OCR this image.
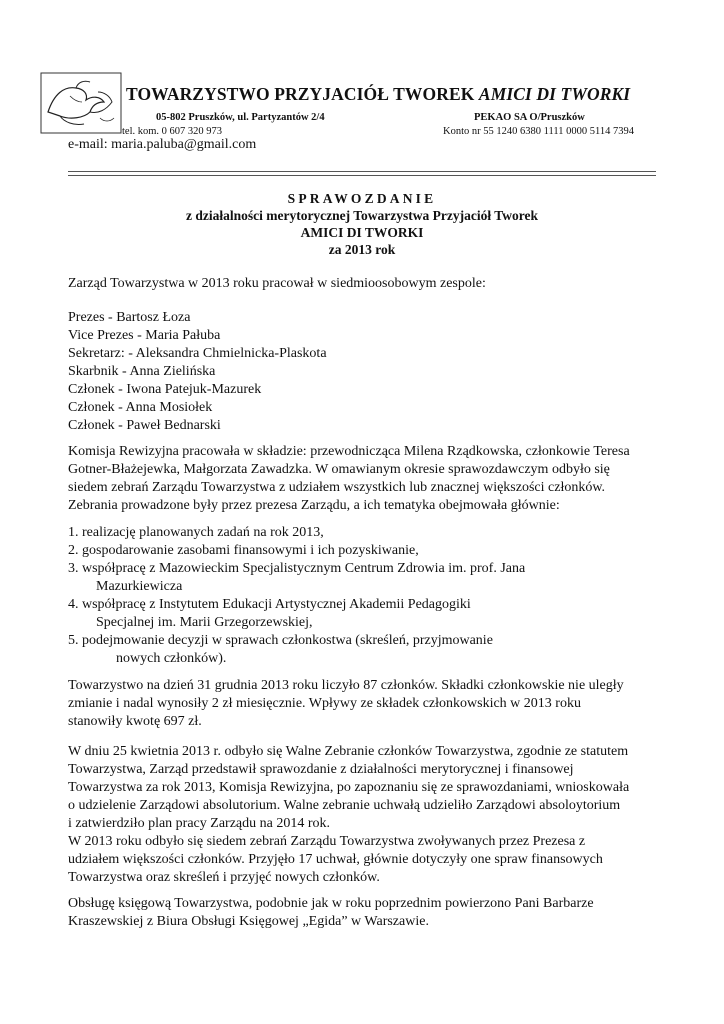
TOWARZYSTWO PRZYJACIÓŁ TWOREK AMICI DI TWORKI
05-802 Pruszków, ul. Partyzantów 2/4	PEKAO SA O/Pruszków
tel. kom. 0 607 320 973	Konto nr 55 1240 6380 1111 0000 5114 7394
e-mail: maria.paluba@gmail.com
SPRAWOZDANIE
z działalności merytorycznej Towarzystwa Przyjaciół Tworek
AMICI DI TWORKI
za 2013 rok

Zarząd Towarzystwa w 2013 roku pracował w siedmioosobowym zespole:

Prezes - Bartosz Łoza

Vice Prezes - Maria Pałuba

Sekretarz: - Aleksandra Chmielnicka-Plaskota

Skarbnik - Anna Zielińska

Członek - Iwona Patejuk-Mazurek

Członek - Anna Mosiołek

Członek - Paweł Bednarski

Komisja Rewizyjna pracowała w składzie: przewodnicząca Milena Rządkowska, członkowie Teresa

Gotner-Błażejewka, Małgorzata Zawadzka. W omawianym okresie sprawozdawczym odbyło się

siedem zebrań Zarządu Towarzystwa z udziałem wszystkich lub znacznej większości członków.

Zebrania prowadzone były przez prezesa Zarządu, a ich tematyka obejmowała głównie:

1. realizację planowanych zadań na rok 2013,

2. gospodarowanie zasobami finansowymi i ich pozyskiwanie,

3. współpracę z Mazowieckim Specjalistycznym Centrum Zdrowia im. prof. Jana

Mazurkiewicza

4. współpracę z Instytutem Edukacji Artystycznej Akademii Pedagogiki

Specjalnej im. Marii Grzegorzewskiej,

5. podejmowanie decyzji w sprawach członkostwa (skreśleń, przyjmowanie

nowych członków).

Towarzystwo na dzień 31 grudnia 2013 roku liczyło 87 członków. Składki członkowskie nie uległy

zmianie i nadal wynosiły 2 zł miesięcznie. Wpływy ze składek członkowskich w 2013 roku

stanowiły kwotę 697 zł.

W dniu 25 kwietnia 2013 r. odbyło się Walne Zebranie członków Towarzystwa, zgodnie ze statutem

Towarzystwa, Zarząd przedstawił sprawozdanie z działalności merytorycznej i finansowej

Towarzystwa za rok 2013, Komisja Rewizyjna, po zapoznaniu się ze sprawozdaniami, wnioskowała

o udzielenie Zarządowi absolutorium. Walne zebranie uchwałą udzieliło Zarządowi absoloytorium

i zatwierdziło plan pracy Zarządu na 2014 rok.

W 2013 roku odbyło się siedem zebrań Zarządu Towarzystwa zwoływanych przez Prezesa z

udziałem większości członków. Przyjęło 17 uchwał, głównie dotyczyły one spraw finansowych

Towarzystwa oraz skreśleń i przyjęć nowych członków.

Obsługę księgową Towarzystwa, podobnie jak w roku poprzednim powierzono Pani Barbarze

Kraszewskiej z Biura Obsługi Księgowej „Egida” w Warszawie.
